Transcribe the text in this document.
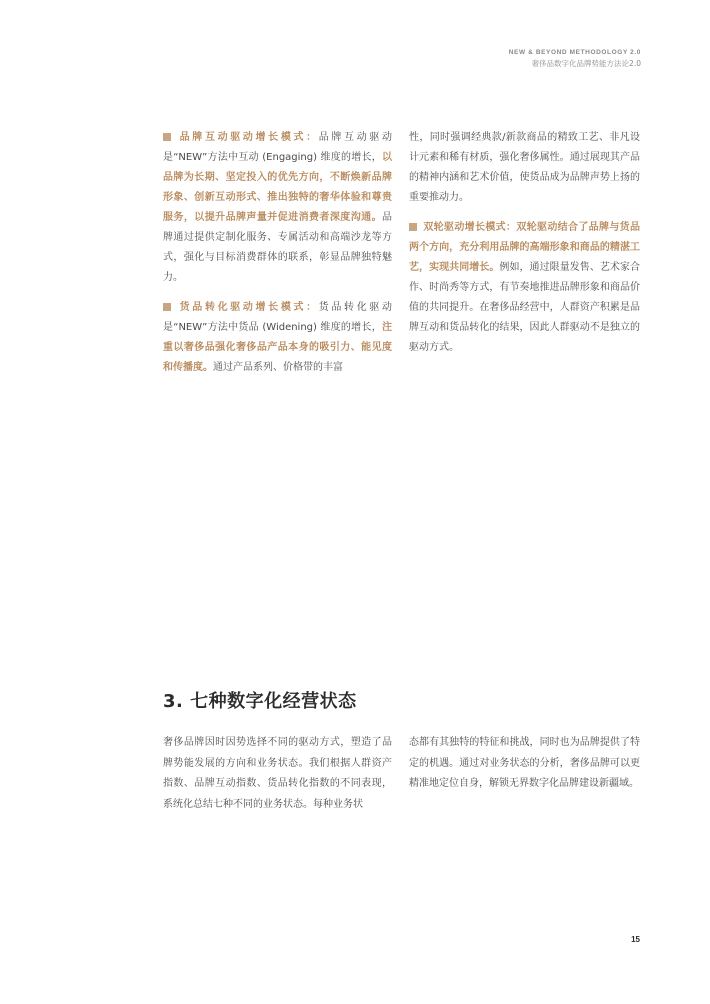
NEW & BEYOND METHODOLOGY 2.0
奢侈品数字化品牌势能方法论2.0

品牌互动驱动增长模式：品牌互动驱动是“NEW”方法中互动 (Engaging) 维度的增长，以品牌为长期、坚定投入的优先方向，不断焕新品牌形象、创新互动形式、推出独特的奢华体验和尊贵服务，以提升品牌声量并促进消费者深度沟通。品牌通过提供定制化服务、专属活动和高端沙龙等方式，强化与目标消费群体的联系，彰显品牌独特魅力。

货品转化驱动增长模式：货品转化驱动是“NEW”方法中货品 (Widening) 维度的增长，注重以奢侈品强化奢侈品产品本身的吸引力、能见度和传播度。通过产品系列、价格带的丰富

性，同时强调经典款/新款商品的精致工艺、非凡设计元素和稀有材质，强化奢侈属性。通过展现其产品的精神内涵和艺术价值，使货品成为品牌声势上扬的重要推动力。

双轮驱动增长模式：双轮驱动结合了品牌与货品两个方向，充分利用品牌的高端形象和商品的精湛工艺，实现共同增长。例如，通过限量发售、艺术家合作、时尚秀等方式，有节奏地推进品牌形象和商品价值的共同提升。在奢侈品经营中，人群资产积累是品牌互动和货品转化的结果，因此人群驱动不是独立的驱动方式。

3. 七种数字化经营状态
奢侈品牌因时因势选择不同的驱动方式，塑造了品牌势能发展的方向和业务状态。我们根据人群资产指数、品牌互动指数、货品转化指数的不同表现，系统化总结七种不同的业务状态。每种业务状
态都有其独特的特征和挑战，同时也为品牌提供了特定的机遇。通过对业务状态的分析，奢侈品牌可以更精准地定位自身，解锁无界数字化品牌建设新疆域。
15
